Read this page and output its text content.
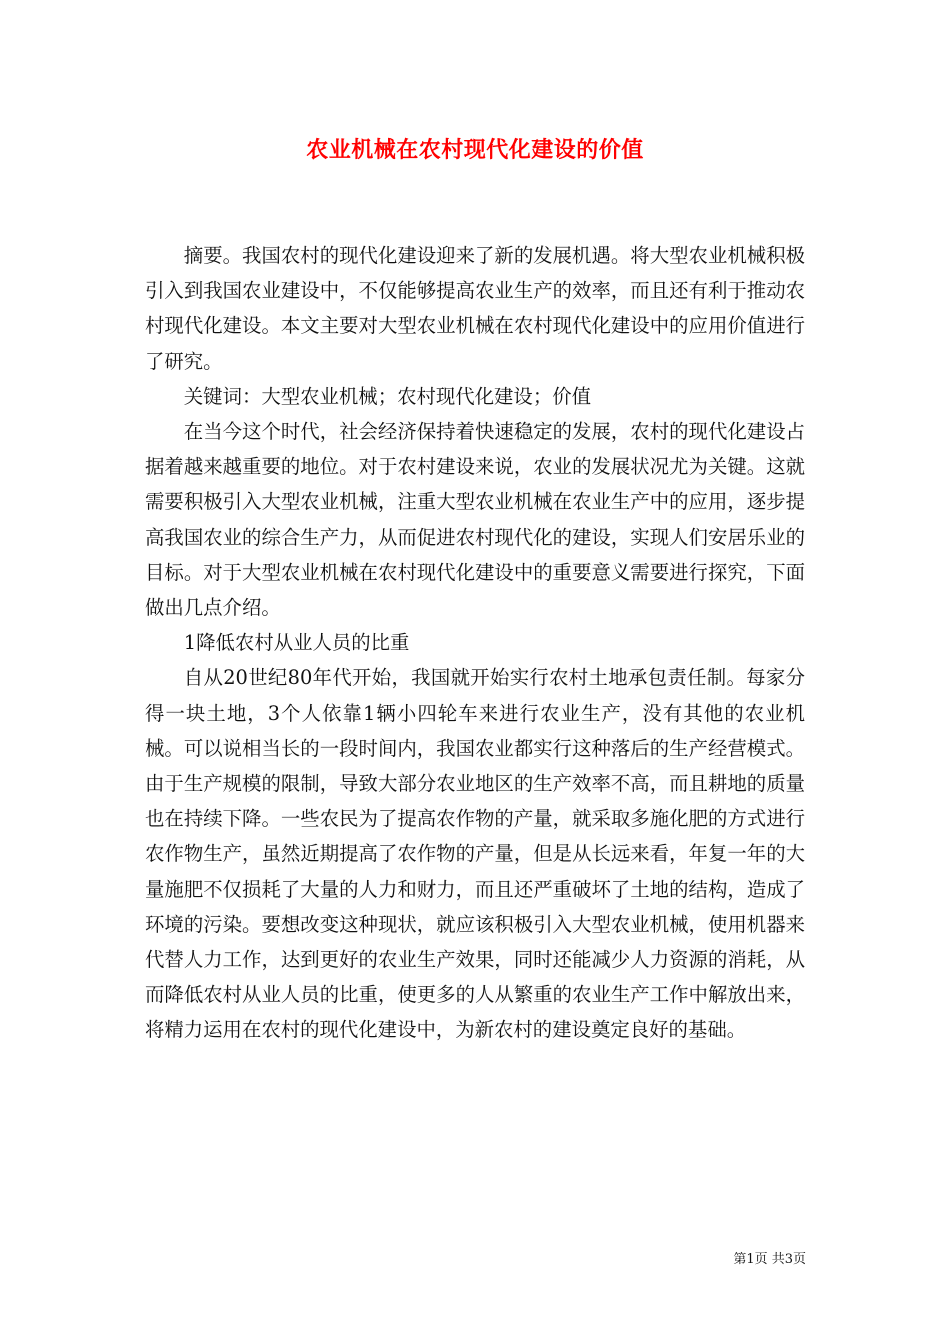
农业机械在农村现代化建设的价值

摘要。我国农村的现代化建设迎来了新的发展机遇。将大型农业机械积极引入到我国农业建设中，不仅能够提高农业生产的效率，而且还有利于推动农村现代化建设。本文主要对大型农业机械在农村现代化建设中的应用价值进行了研究。

关键词：大型农业机械；农村现代化建设；价值

在当今这个时代，社会经济保持着快速稳定的发展，农村的现代化建设占据着越来越重要的地位。对于农村建设来说，农业的发展状况尤为关键。这就需要积极引入大型农业机械，注重大型农业机械在农业生产中的应用，逐步提高我国农业的综合生产力，从而促进农村现代化的建设，实现人们安居乐业的目标。对于大型农业机械在农村现代化建设中的重要意义需要进行探究，下面做出几点介绍。

1降低农村从业人员的比重

自从20世纪80年代开始，我国就开始实行农村土地承包责任制。每家分得一块土地，3个人依靠1辆小四轮车来进行农业生产，没有其他的农业机械。可以说相当长的一段时间内，我国农业都实行这种落后的生产经营模式。由于生产规模的限制，导致大部分农业地区的生产效率不高，而且耕地的质量也在持续下降。一些农民为了提高农作物的产量，就采取多施化肥的方式进行农作物生产，虽然近期提高了农作物的产量，但是从长远来看，年复一年的大量施肥不仅损耗了大量的人力和财力，而且还严重破坏了土地的结构，造成了环境的污染。要想改变这种现状，就应该积极引入大型农业机械，使用机器来代替人力工作，达到更好的农业生产效果，同时还能减少人力资源的消耗，从而降低农村从业人员的比重，使更多的人从繁重的农业生产工作中解放出来，将精力运用在农村的现代化建设中，为新农村的建设奠定良好的基础。

第1页 共3页
